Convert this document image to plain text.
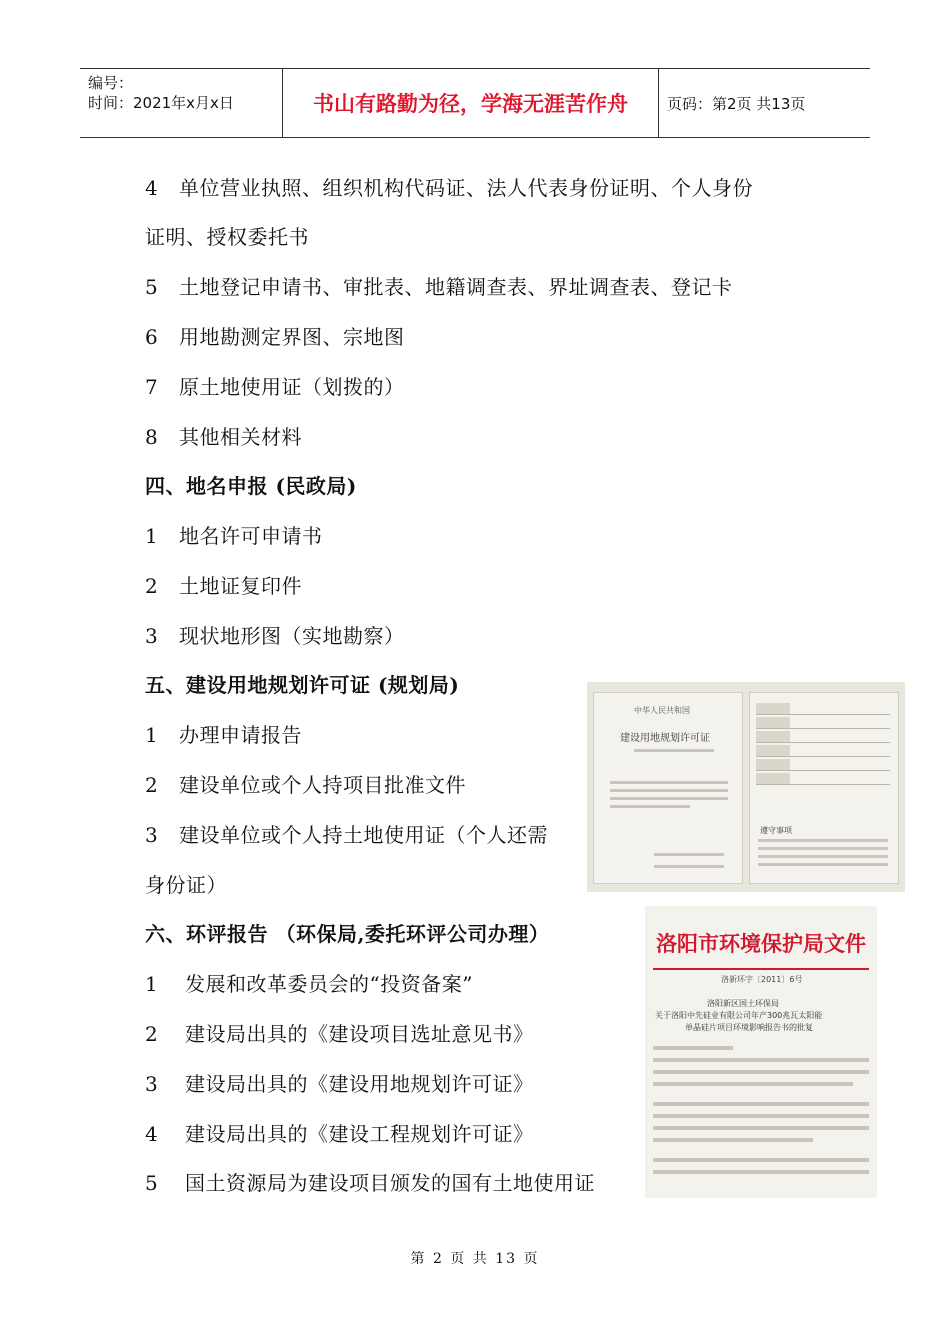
编号：
时间：2021年x月x日	书山有路勤为径，学海无涯苦作舟	页码：第2页 共13页
4 单位营业执照、组织机构代码证、法人代表身份证明、个人身份
证明、授权委托书
5 土地登记申请书、审批表、地籍调查表、界址调查表、登记卡
6 用地勘测定界图、宗地图
7 原土地使用证（划拨的）
8 其他相关材料
四、地名申报 (民政局)
1 地名许可申请书
2 土地证复印件
3 现状地形图（实地勘察）
五、建设用地规划许可证 (规划局)
1 办理申请报告
2 建设单位或个人持项目批准文件
3 建设单位或个人持土地使用证（个人还需
身份证）
六、环评报告 （环保局,委托环评公司办理）
1 发展和改革委员会的“投资备案”
2 建设局出具的《建设项目选址意见书》
3 建设局出具的《建设用地规划许可证》
4 建设局出具的《建设工程规划许可证》
5 国土资源局为建设项目颁发的国有土地使用证
中华人民共和国
建设用地规划许可证
遵守事项
洛阳市环境保护局文件
洛新环字〔2011〕6号
洛阳新区国土环保局
关于洛阳中先硅业有限公司年产300兆瓦太阳能
单晶硅片项目环境影响报告书的批复
第 2 页 共 13 页
